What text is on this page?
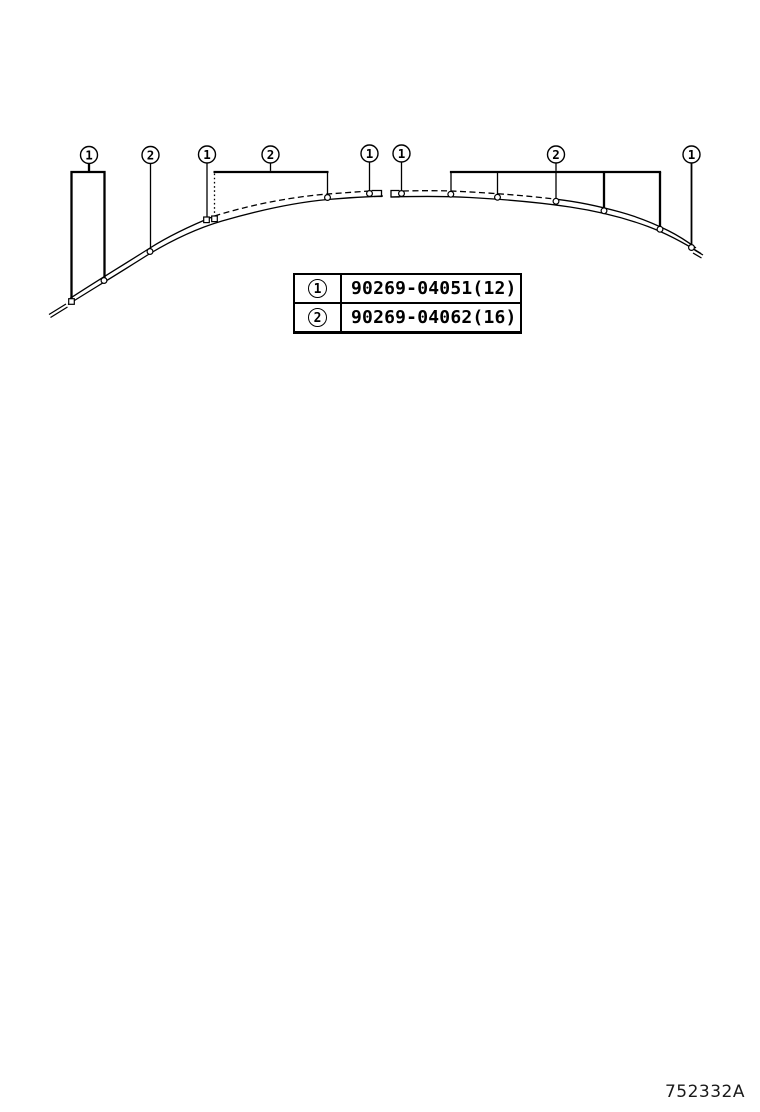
1	2	1	2	1 1	2	1
1	90269-04051(12)
2	90269-04062(16)
752332A
